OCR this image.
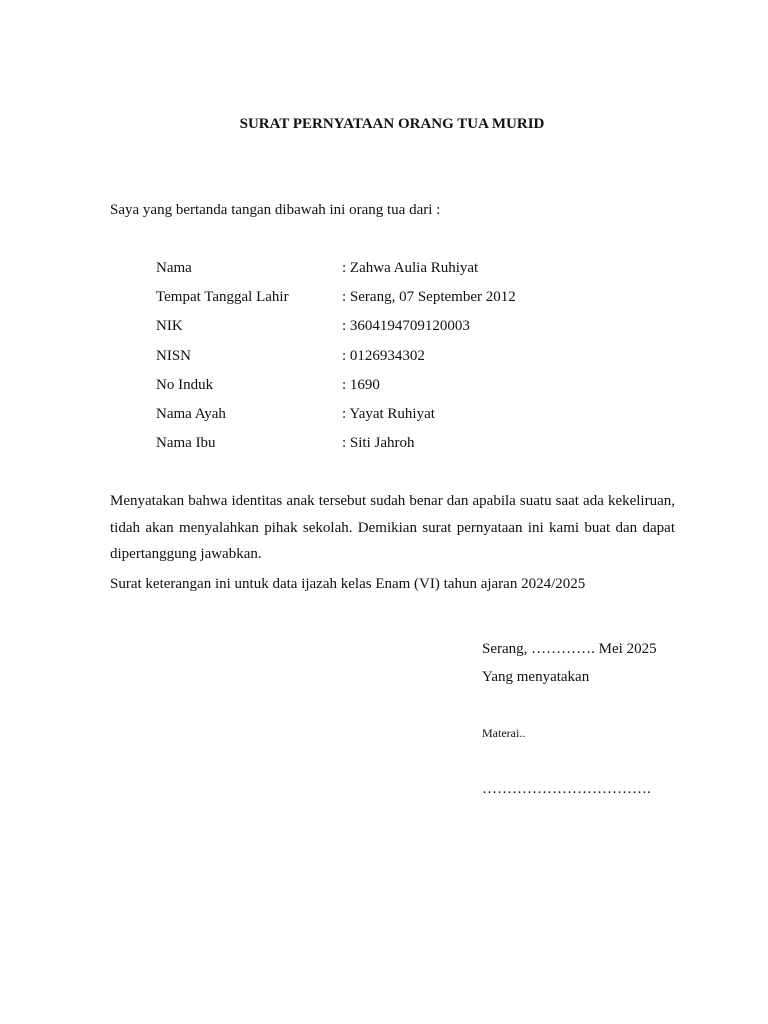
SURAT PERNYATAAN ORANG TUA MURID
Saya yang bertanda tangan dibawah ini orang tua dari :
Nama	: Zahwa Aulia Ruhiyat
Tempat Tanggal Lahir	: Serang, 07 September 2012
NIK	: 3604194709120003
NISN	: 0126934302
No Induk	: 1690
Nama Ayah	: Yayat Ruhiyat
Nama Ibu	: Siti Jahroh
Menyatakan bahwa identitas anak tersebut sudah benar dan apabila suatu saat ada kekeliruan, tidah akan menyalahkan pihak sekolah. Demikian surat pernyataan ini kami buat dan dapat dipertanggung jawabkan.
Surat keterangan ini untuk data ijazah kelas Enam (VI) tahun ajaran 2024/2025
Serang, …………. Mei 2025
Yang menyatakan
Materai..
…………………………….
